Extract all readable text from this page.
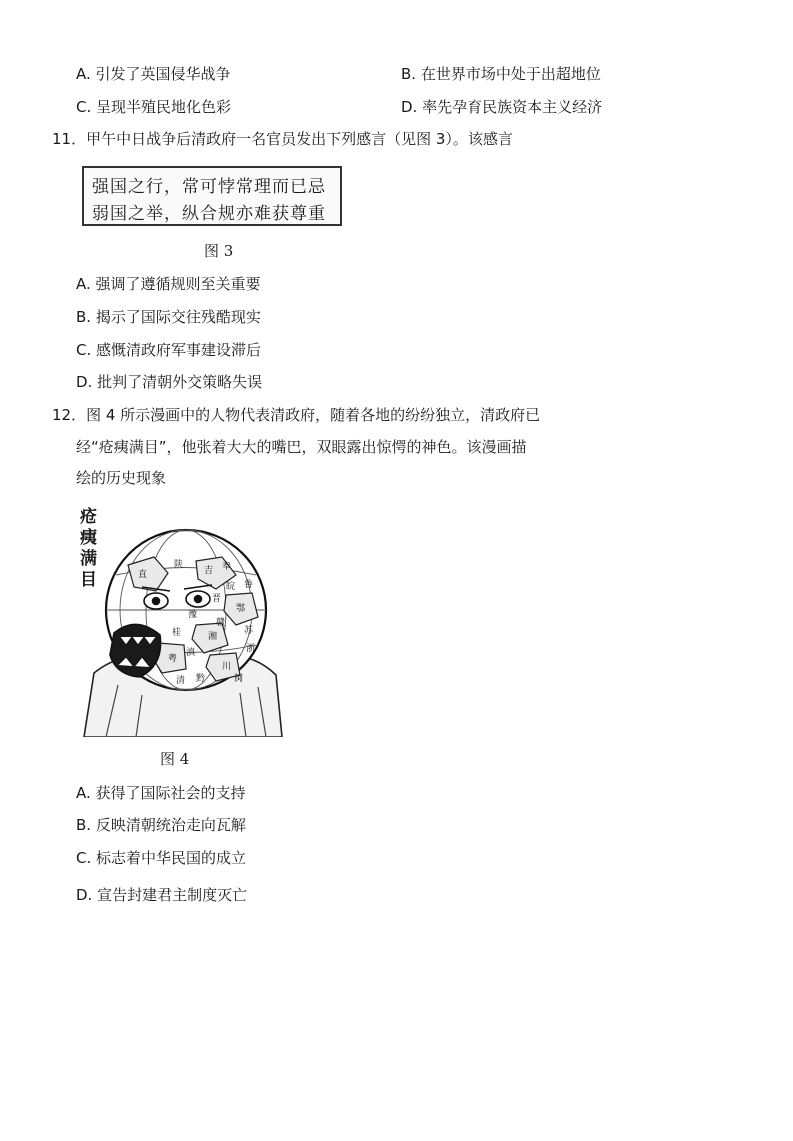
A. 引发了英国侵华战争	B. 在世界市场中处于出超地位
C. 呈现半殖民地化色彩	D. 率先孕育民族资本主义经济
11．甲午中日战争后清政府一名官员发出下列感言（见图 3）。该感言
强国之行，常可悖常理而已忌
弱国之举，纵合规亦难获尊重
图 3
A. 强调了遵循规则至关重要
B. 揭示了国际交往残酷现实
C. 感慨清政府军事建设滞后
D. 批判了清朝外交策略失误
12．图 4 所示漫画中的人物代表清政府，随着各地的纷纷独立，清政府已
经“疮痍满目”，他张着大大的嘴巴，双眼露出惊愕的神色。该漫画描
绘的历史现象
直	吉 奉
陕
豫
鄂
湘
桂
粤
滇
黔
川
苏
浙
闽
赣
皖 鲁
晋
清
疮痍满目
图 4
A. 获得了国际社会的支持
B. 反映清朝统治走向瓦解
C. 标志着中华民国的成立
D. 宣告封建君主制度灭亡
